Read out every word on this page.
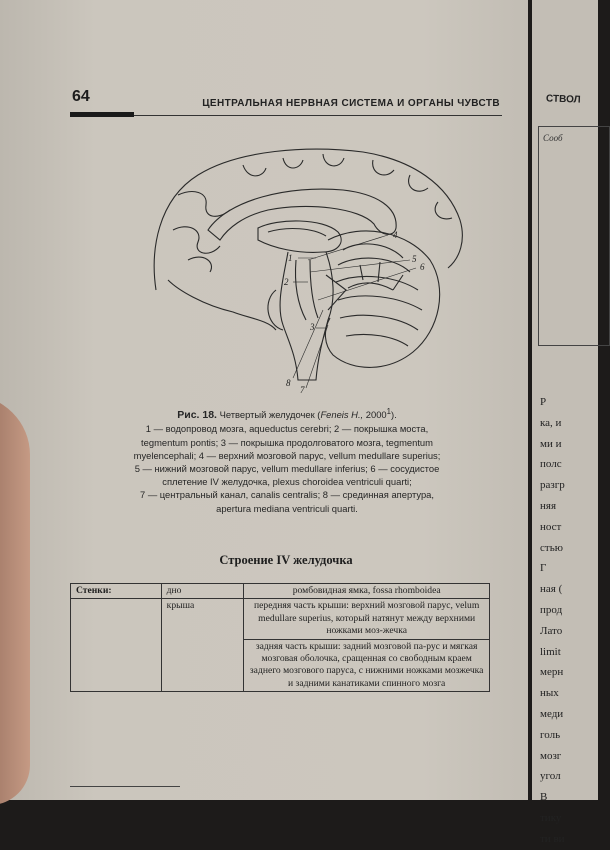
64	ЦЕНТРАЛЬНАЯ НЕРВНАЯ СИСТЕМА И ОРГАНЫ ЧУВСТВ
1
2
3
4
5
6
7
8
Рис. 18. Четвертый желудочек (Feneis H., 2000$^1$).
1 — водопровод мозга, aqueductus cerebri; 2 — покрышка моста,
tegmentum pontis; 3 — покрышка продолговатого мозга, tegmentum
myelencephali; 4 — верхний мозговой парус, vellum medullare superius;
5 — нижний мозговой парус, vellum medullare inferius; 6 — сосудистое
сплетение IV желудочка, plexus choroidea ventriculi quarti;
7 — центральный канал, canalis centralis; 8 — срединная апертура,
apertura mediana ventriculi quarti.
Строение IV желудочка
Стенки:	дно	ромбовидная ямка, fossa rhomboidea
	крыша	передняя часть крыши: верхний мозговой парус, velum medullare superius, который натянут между верхними ножками моз-жечка
		задняя часть крыши: задний мозговой па-рус и мягкая мозговая оболочка, сращенная со свободным краем заднего мозгового паруса, с нижними ножками мозжечка и задними канатиками спинного мозга
СТВОЛ
Сооб
Р
ка, и
ми и
полс
разгр
няя
ност
стью
Г
ная (
прод
Лато
limit
мерн
ных
меди
голь
мозг
угол
В
тику
ти ви
